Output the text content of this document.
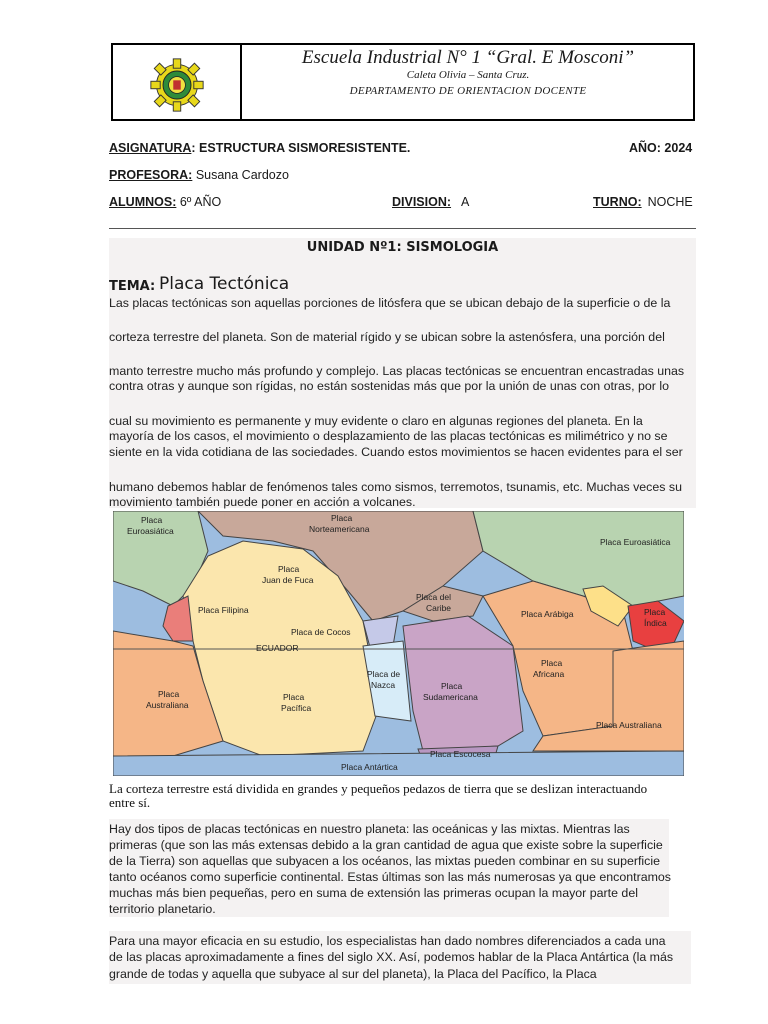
Escuela Industrial N° 1 “Gral. E Mosconi”
Caleta Olivia – Santa Cruz.
DEPARTAMENTO DE ORIENTACION DOCENTE
ASIGNATURA: ESTRUCTURA SISMORESISTENTE.	AÑO: 2024
PROFESORA: Susana Cardozo
ALUMNOS: 6º AÑO	DIVISION: A	TURNO: NOCHE
UNIDAD Nº1: SISMOLOGIA
TEMA: Placa Tectónica
Las placas tectónicas son aquellas porciones de litósfera que se ubican debajo de la superficie o de la
corteza terrestre del planeta. Son de material rígido y se ubican sobre la astenósfera, una porción del
manto terrestre mucho más profundo y complejo. Las placas tectónicas se encuentran encastradas unas
contra otras y aunque son rígidas, no están sostenidas más que por la unión de unas con otras, por lo
cual su movimiento es permanente y muy evidente o claro en algunas regiones del planeta. En la
mayoría de los casos, el movimiento o desplazamiento de las placas tectónicas es milimétrico y no se
siente en la vida cotidiana de las sociedades. Cuando estos movimientos se hacen evidentes para el ser
humano debemos hablar de fenómenos tales como sismos, terremotos, tsunamis, etc. Muchas veces su
movimiento también puede poner en acción a volcanes.
Placa
Euroasiática
Placa
Norteamericana
Placa Euroasiática
Placa
Juan de Fuca
Placa Filipina
Placa del
Caribe
Placa Arábiga	Placa
Índica
Placa de Cocos
ECUADOR
Placa
Africana
Placa de
Nazca	Placa
Sudamericana
Placa
Australiana
Placa
Pacífica
Placa Australiana
Placa Escocesa
Placa Antártica
La corteza terrestre está dividida en grandes y pequeños pedazos de tierra que se deslizan interactuando entre sí.
Hay dos tipos de placas tectónicas en nuestro planeta: las oceánicas y las mixtas. Mientras las
primeras (que son las más extensas debido a la gran cantidad de agua que existe sobre la superficie
de la Tierra) son aquellas que subyacen a los océanos, las mixtas pueden combinar en su superficie
tanto océanos como superficie continental. Estas últimas son las más numerosas ya que encontramos
muchas más bien pequeñas, pero en suma de extensión las primeras ocupan la mayor parte del
territorio planetario.
Para una mayor eficacia en su estudio, los especialistas han dado nombres diferenciados a cada una
de las placas aproximadamente a fines del siglo XX. Así, podemos hablar de la Placa Antártica (la más
grande de todas y aquella que subyace al sur del planeta), la Placa del Pacífico, la Placa
